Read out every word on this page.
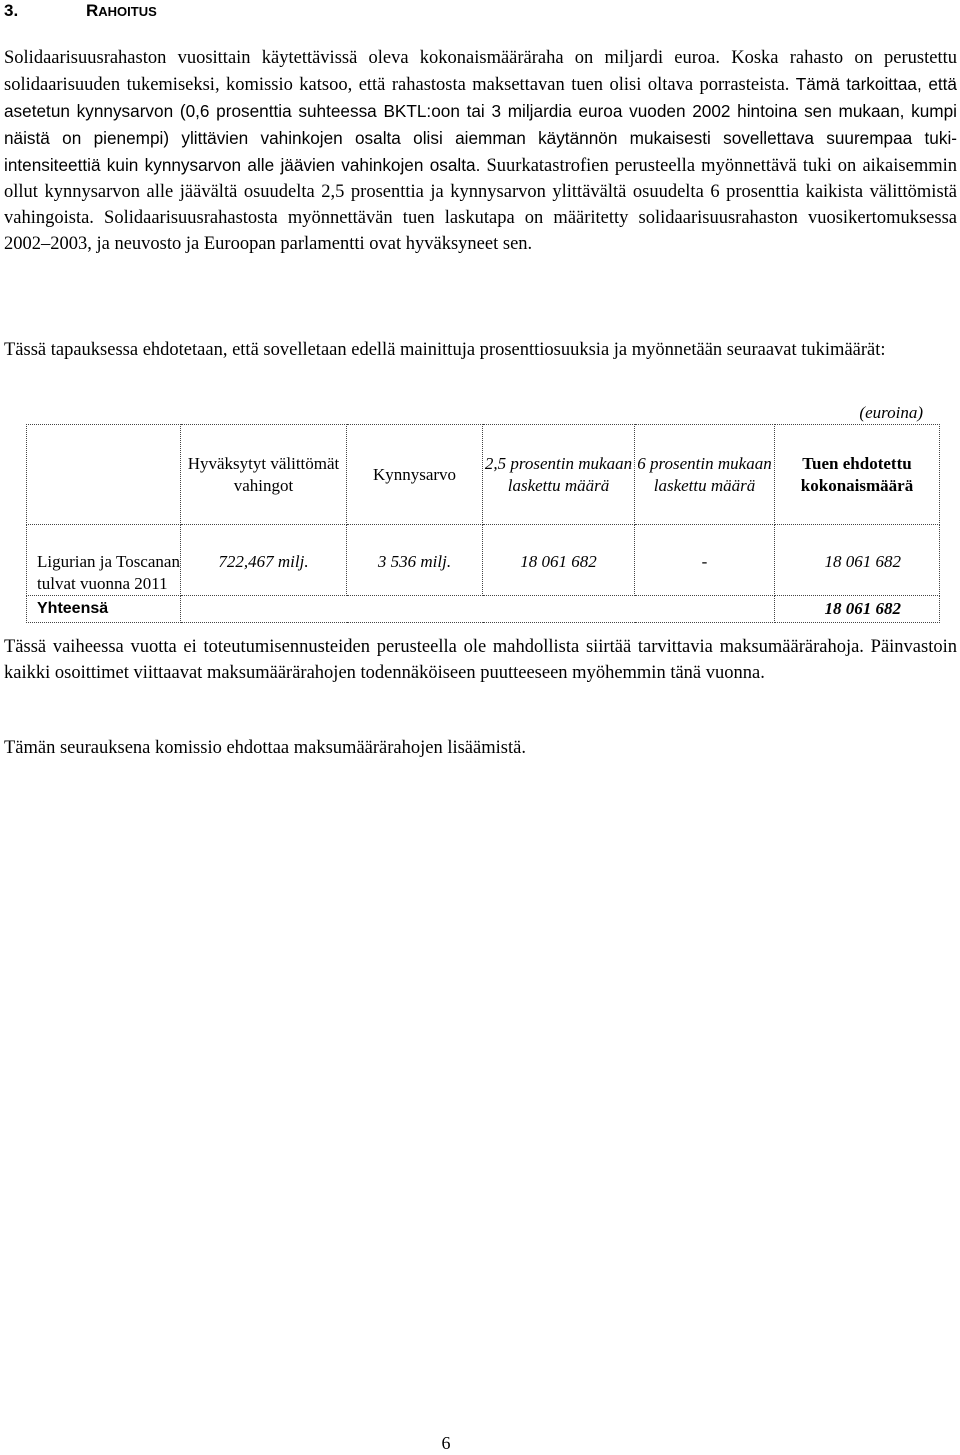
3.	RAHOITUS

Solidaarisuusrahaston vuosittain käytettävissä oleva kokonaismääräraha on miljardi euroa. Koska rahasto on perustettu solidaarisuuden tukemiseksi, komissio katsoo, että rahastosta maksettavan tuen olisi oltava porrasteista. Tämä tarkoittaa, että asetetun kynnysarvon (0,6 prosenttia suhteessa BKTL:oon tai 3 miljardia euroa vuoden 2002 hintoina sen mukaan, kumpi näistä on pienempi) ylittävien vahinkojen osalta olisi aiemman käytännön mukaisesti sovellettava suurempaa tuki-intensiteettiä kuin kynnysarvon alle jäävien vahinkojen osalta. Suurkatastrofien perusteella myönnettävä tuki on aikaisemmin ollut kynnysarvon alle jäävältä osuudelta 2,5 prosenttia ja kynnysarvon ylittävältä osuudelta 6 prosenttia kaikista välittömistä vahingoista. Solidaarisuusrahastosta myönnettävän tuen laskutapa on määritetty solidaarisuusrahaston vuosikertomuksessa 2002–2003, ja neuvosto ja Euroopan parlamentti ovat hyväksyneet sen.

Tässä tapauksessa ehdotetaan, että sovelletaan edellä mainittuja prosenttiosuuksia ja myönnetään seuraavat tukimäärät:

(euroina)
	Hyväksytyt välittömät vahingot	Kynnysarvo	2,5 prosentin mukaan laskettu määrä	6 prosentin mukaan laskettu määrä	Tuen ehdotettu kokonaismäärä
Ligurian ja Toscanan tulvat vuonna 2011	722,467 milj.	3 536 milj.	18 061 682	-	18 061 682
Yhteensä					18 061 682

Tässä vaiheessa vuotta ei toteutumisennusteiden perusteella ole mahdollista siirtää tarvittavia maksumäärärahoja. Päinvastoin kaikki osoittimet viittaavat maksumäärärahojen todennäköiseen puutteeseen myöhemmin tänä vuonna.

Tämän seurauksena komissio ehdottaa maksumäärärahojen lisäämistä.

6
